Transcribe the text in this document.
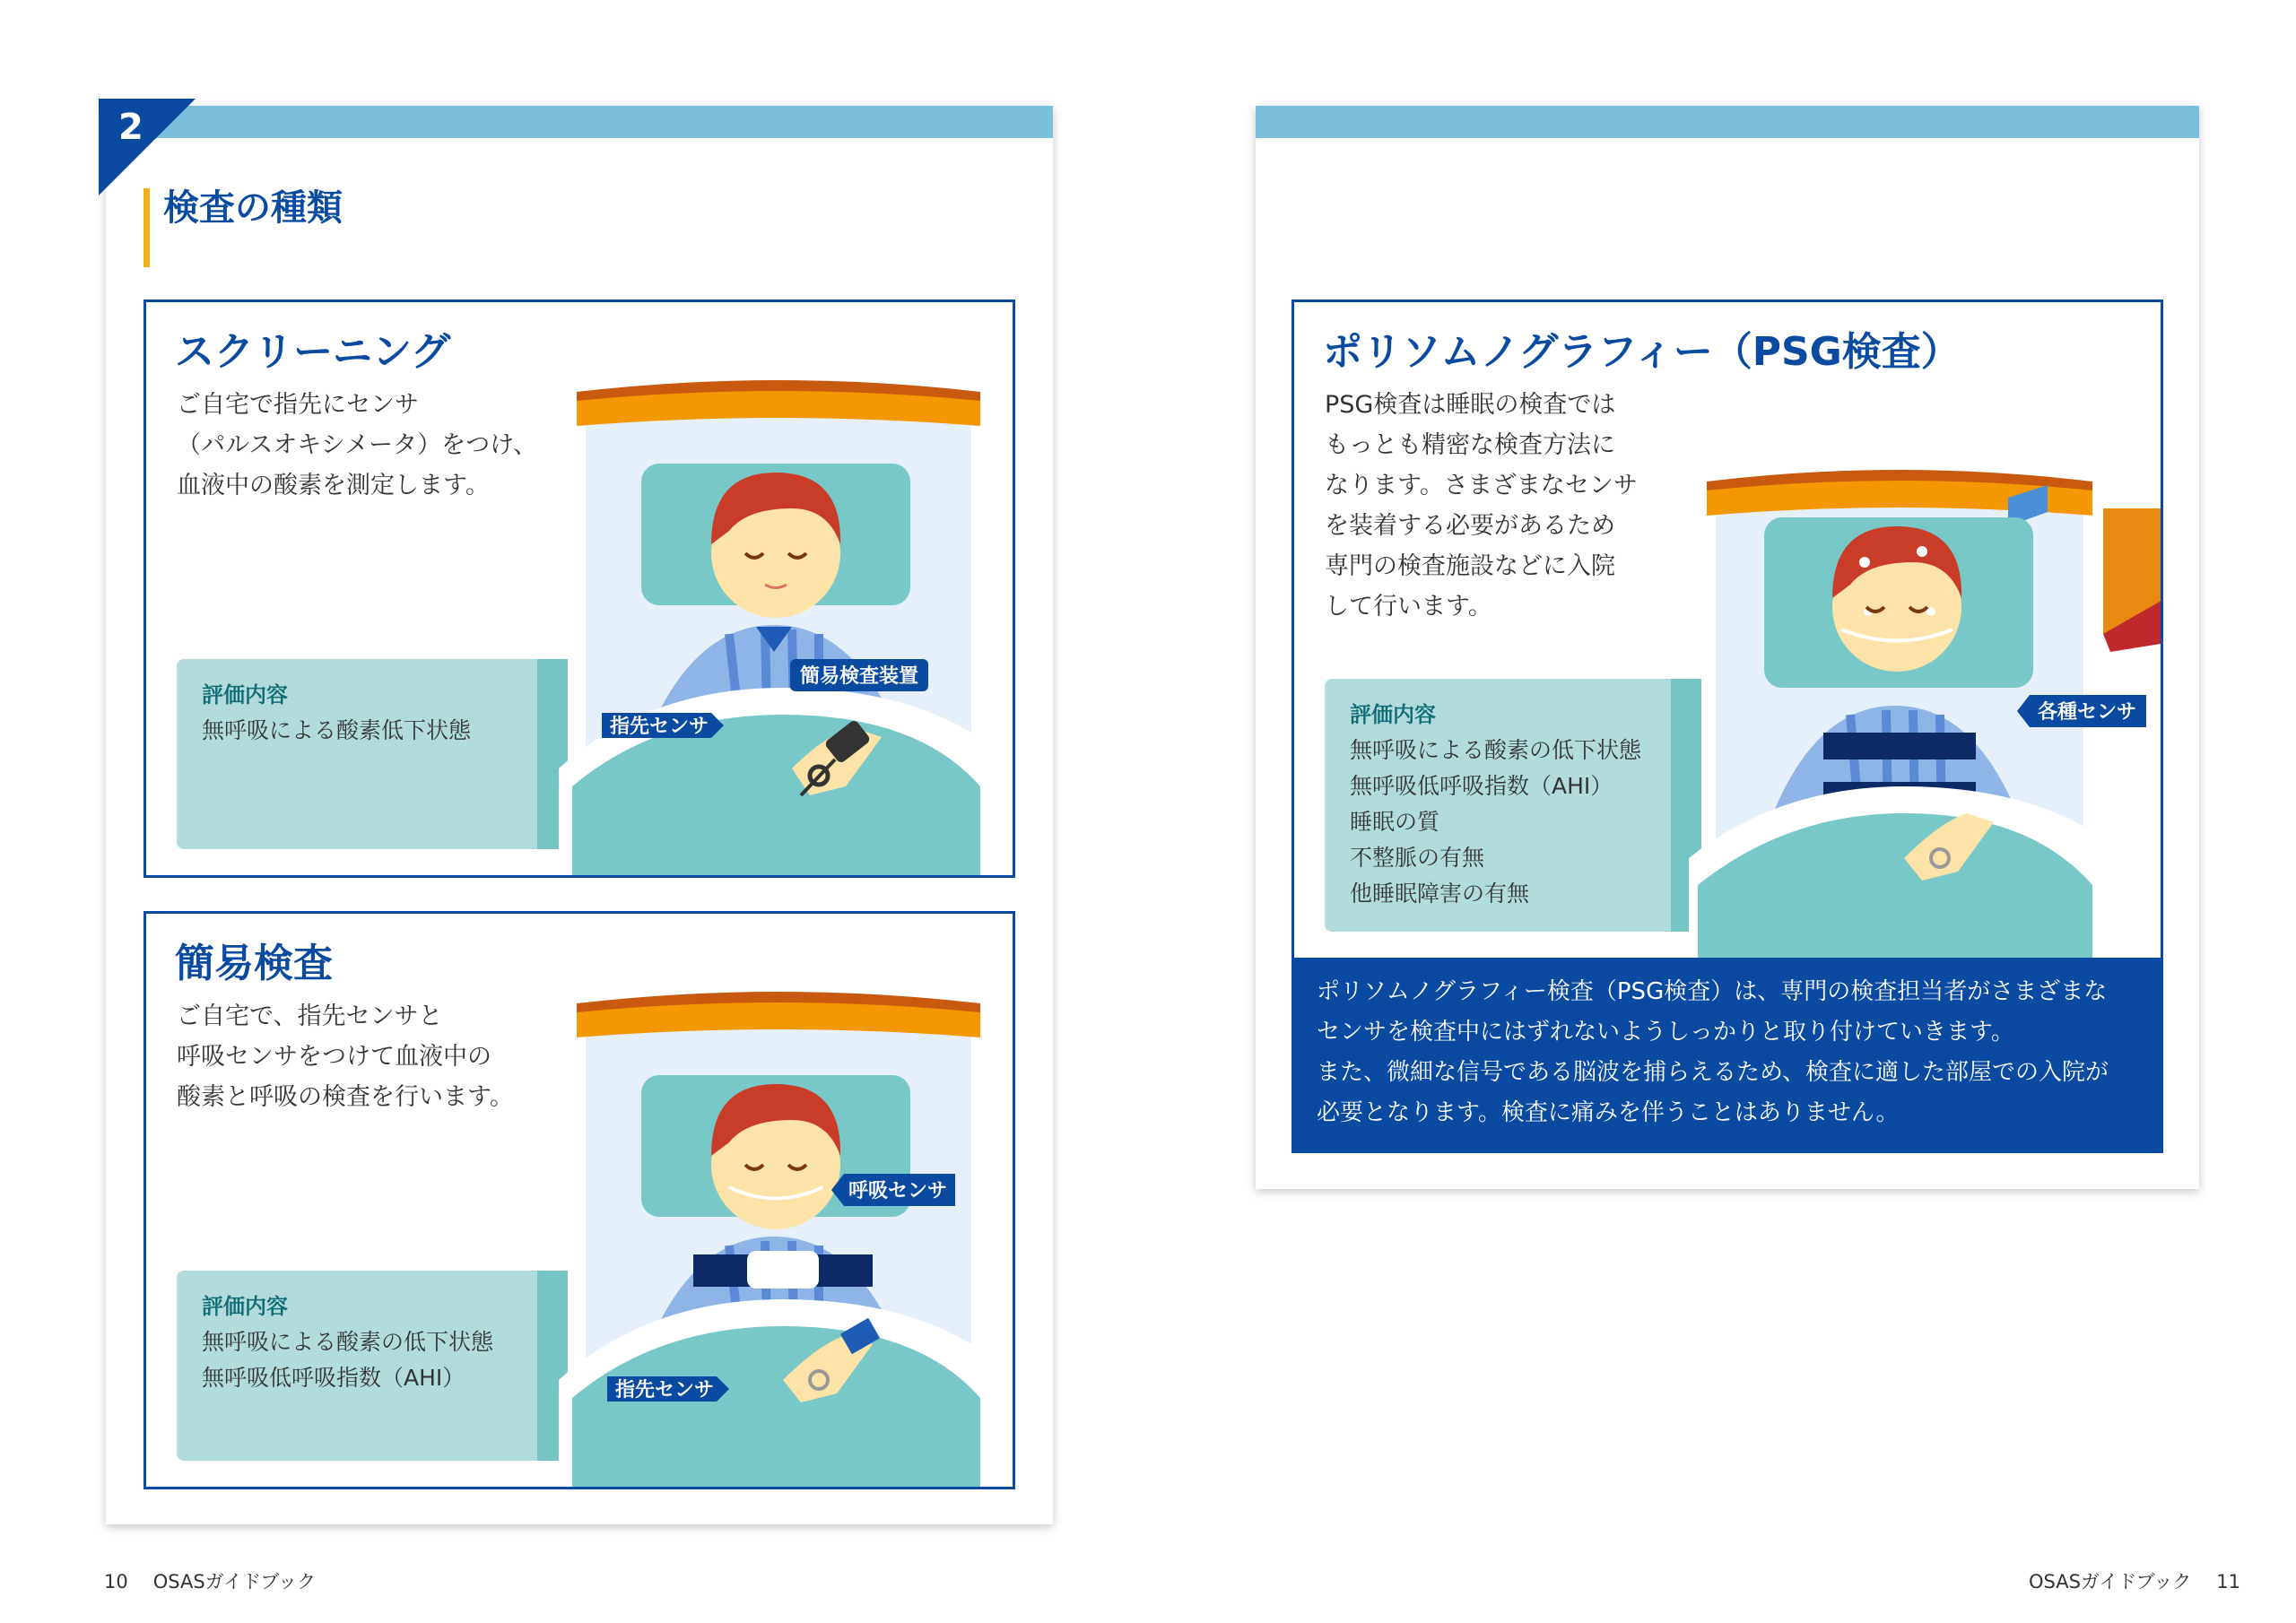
2
検査の種類
スクリーニング
ご自宅で指先にセンサ
（パルスオキシメータ）をつけ、
血液中の酸素を測定します。
評価内容
無呼吸による酸素低下状態
簡易検査装置
指先センサ
簡易検査
ご自宅で、指先センサと
呼吸センサをつけて血液中の
酸素と呼吸の検査を行います。
評価内容
無呼吸による酸素の低下状態
無呼吸低呼吸指数（AHI）
呼吸センサ
指先センサ
ポリソムノグラフィー（PSG検査）
PSG検査は睡眠の検査では
もっとも精密な検査方法に
なります。さまざまなセンサ
を装着する必要があるため
専門の検査施設などに入院
して行います。
評価内容
無呼吸による酸素の低下状態
無呼吸低呼吸指数（AHI）
睡眠の質
不整脈の有無
他睡眠障害の有無
各種センサ
ポリソムノグラフィー検査（PSG検査）は、専門の検査担当者がさまざまな
センサを検査中にはずれないようしっかりと取り付けていきます。
また、微細な信号である脳波を捕らえるため、検査に適した部屋での入院が
必要となります。検査に痛みを伴うことはありません。
10 OSASガイドブック	OSASガイドブック 11
